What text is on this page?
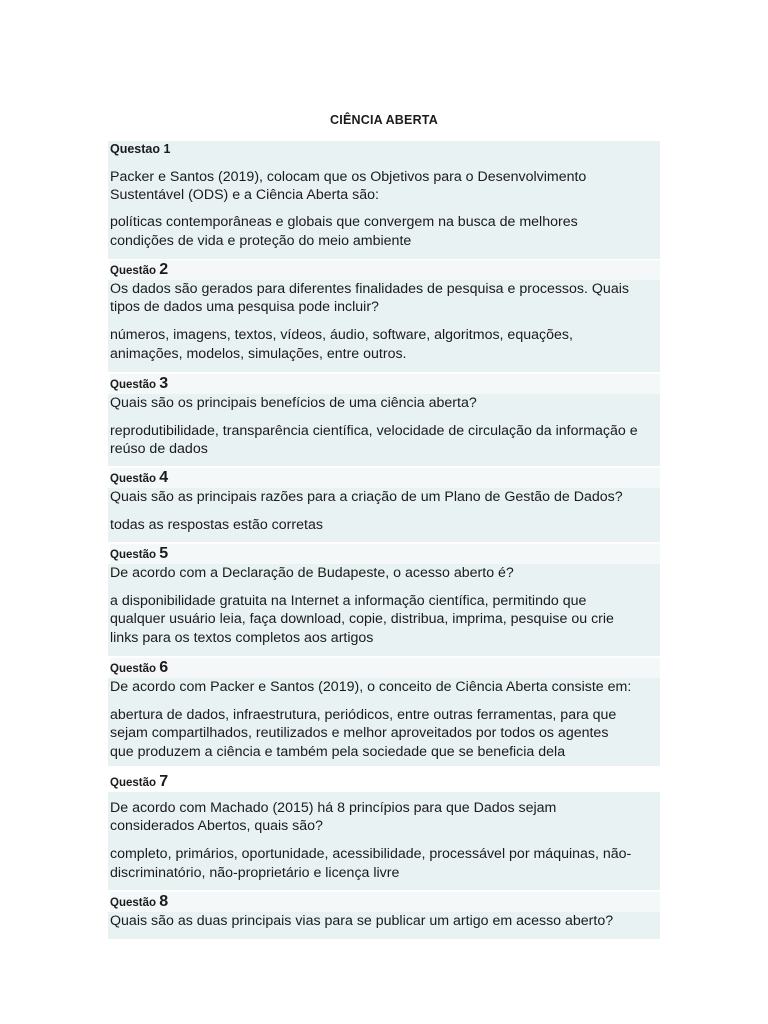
CIÊNCIA ABERTA
Questao 1

Packer e Santos (2019), colocam que os Objetivos para o Desenvolvimento
Sustentável (ODS) e a Ciência Aberta são:

políticas contemporâneas e globais que convergem na busca de melhores
condições de vida e proteção do meio ambiente

Questão 2

Os dados são gerados para diferentes finalidades de pesquisa e processos. Quais
tipos de dados uma pesquisa pode incluir?

números, imagens, textos, vídeos, áudio, software, algoritmos, equações,
animações, modelos, simulações, entre outros.

Questão 3

Quais são os principais benefícios de uma ciência aberta?

reprodutibilidade, transparência científica, velocidade de circulação da informação e
reúso de dados

Questão 4

Quais são as principais razões para a criação de um Plano de Gestão de Dados?

todas as respostas estão corretas

Questão 5

De acordo com a Declaração de Budapeste, o acesso aberto é?

a disponibilidade gratuita na Internet a informação científica, permitindo que
qualquer usuário leia, faça download, copie, distribua, imprima, pesquise ou crie
links para os textos completos aos artigos

Questão 6

De acordo com Packer e Santos (2019), o conceito de Ciência Aberta consiste em:

abertura de dados, infraestrutura, periódicos, entre outras ferramentas, para que
sejam compartilhados, reutilizados e melhor aproveitados por todos os agentes
que produzem a ciência e também pela sociedade que se beneficia dela

Questão 7

De acordo com Machado (2015) há 8 princípios para que Dados sejam
considerados Abertos, quais são?

completo, primários, oportunidade, acessibilidade, processável por máquinas, não-
discriminatório, não-proprietário e licença livre

Questão 8

Quais são as duas principais vias para se publicar um artigo em acesso aberto?
